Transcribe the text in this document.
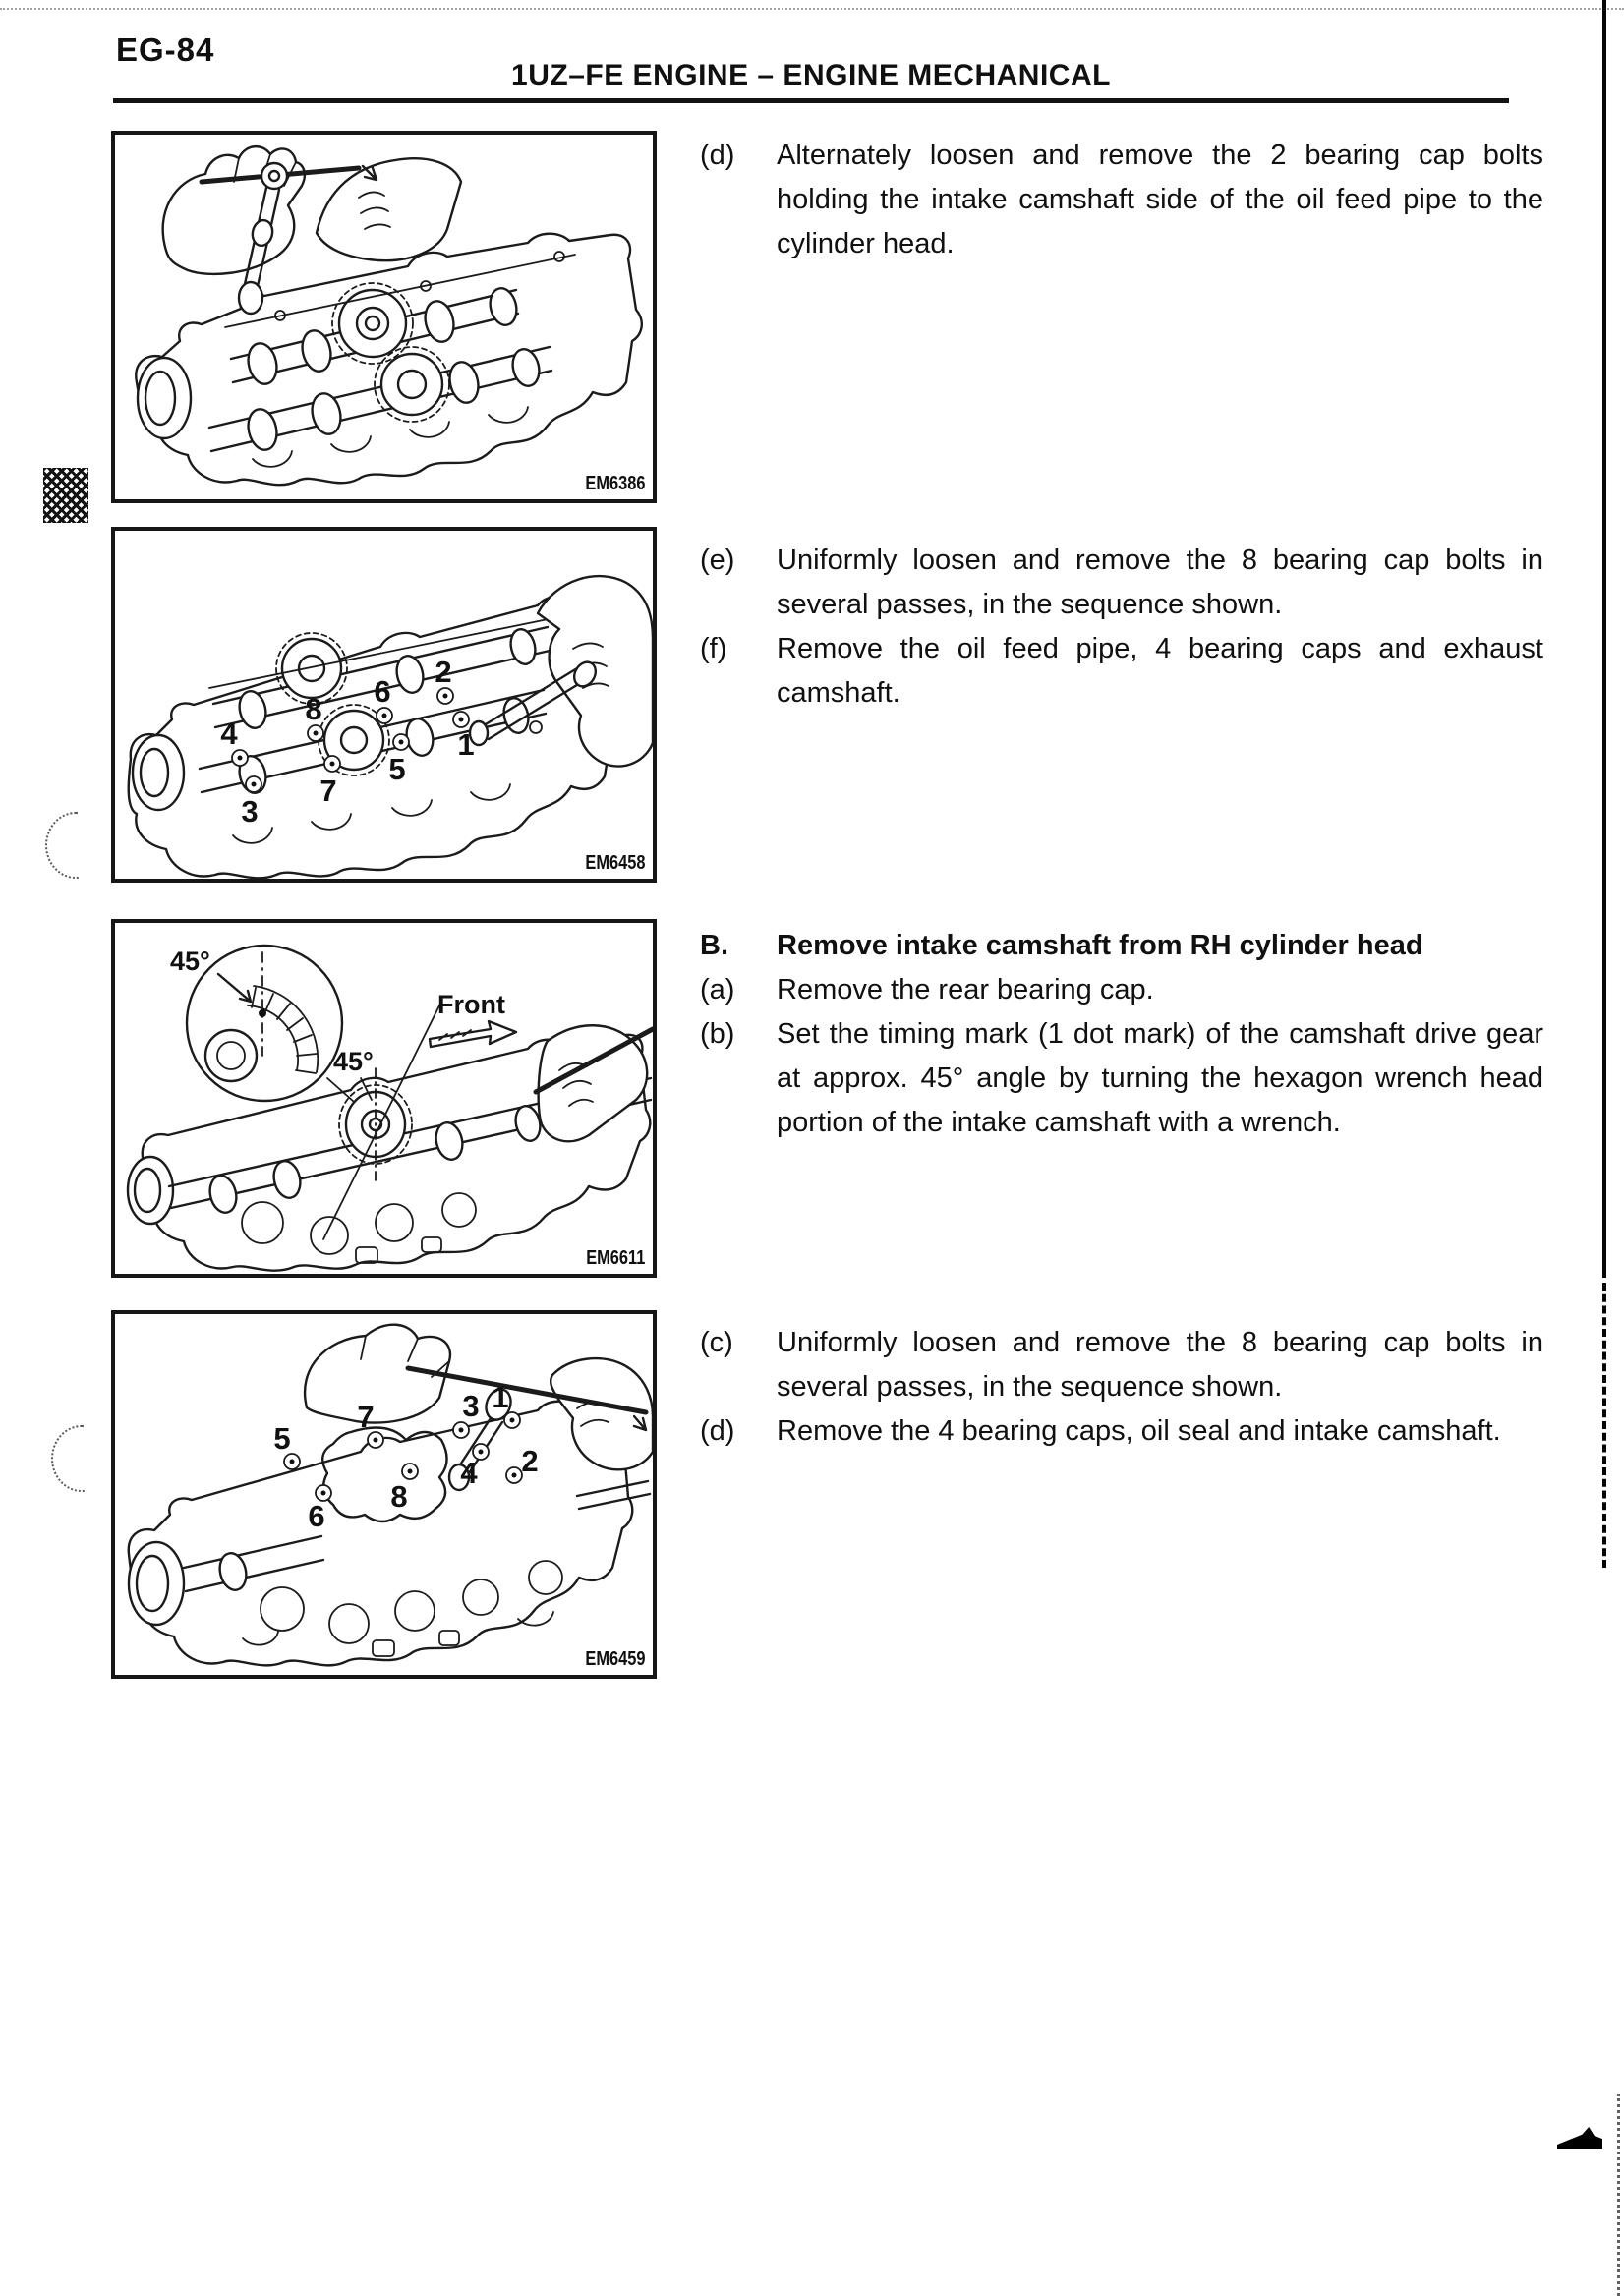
EG-84
1UZ–FE ENGINE – ENGINE MECHANICAL
EM6386
4
8
6
2
3
7
5
1
EM6458
45°
45°
Front
EM6611
7
5
3 1
2
4
8
6
EM6459
(d)	Alternately loosen and remove the 2 bearing cap bolts holding the intake camshaft side of the oil feed pipe to the cylinder head.

(e)	Uniformly loosen and remove the 8 bearing cap bolts in several passes, in the sequence shown.

(f)	Remove the oil feed pipe, 4 bearing caps and exhaust camshaft.

B.	Remove intake camshaft from RH cylinder head

(a)	Remove the rear bearing cap.

(b)	Set the timing mark (1 dot mark) of the camshaft drive gear at approx. 45° angle by turning the hexagon wrench head portion of the intake camshaft with a wrench.

(c)	Uniformly loosen and remove the 8 bearing cap bolts in several passes, in the sequence shown.

(d)	Remove the 4 bearing caps, oil seal and intake camshaft.
